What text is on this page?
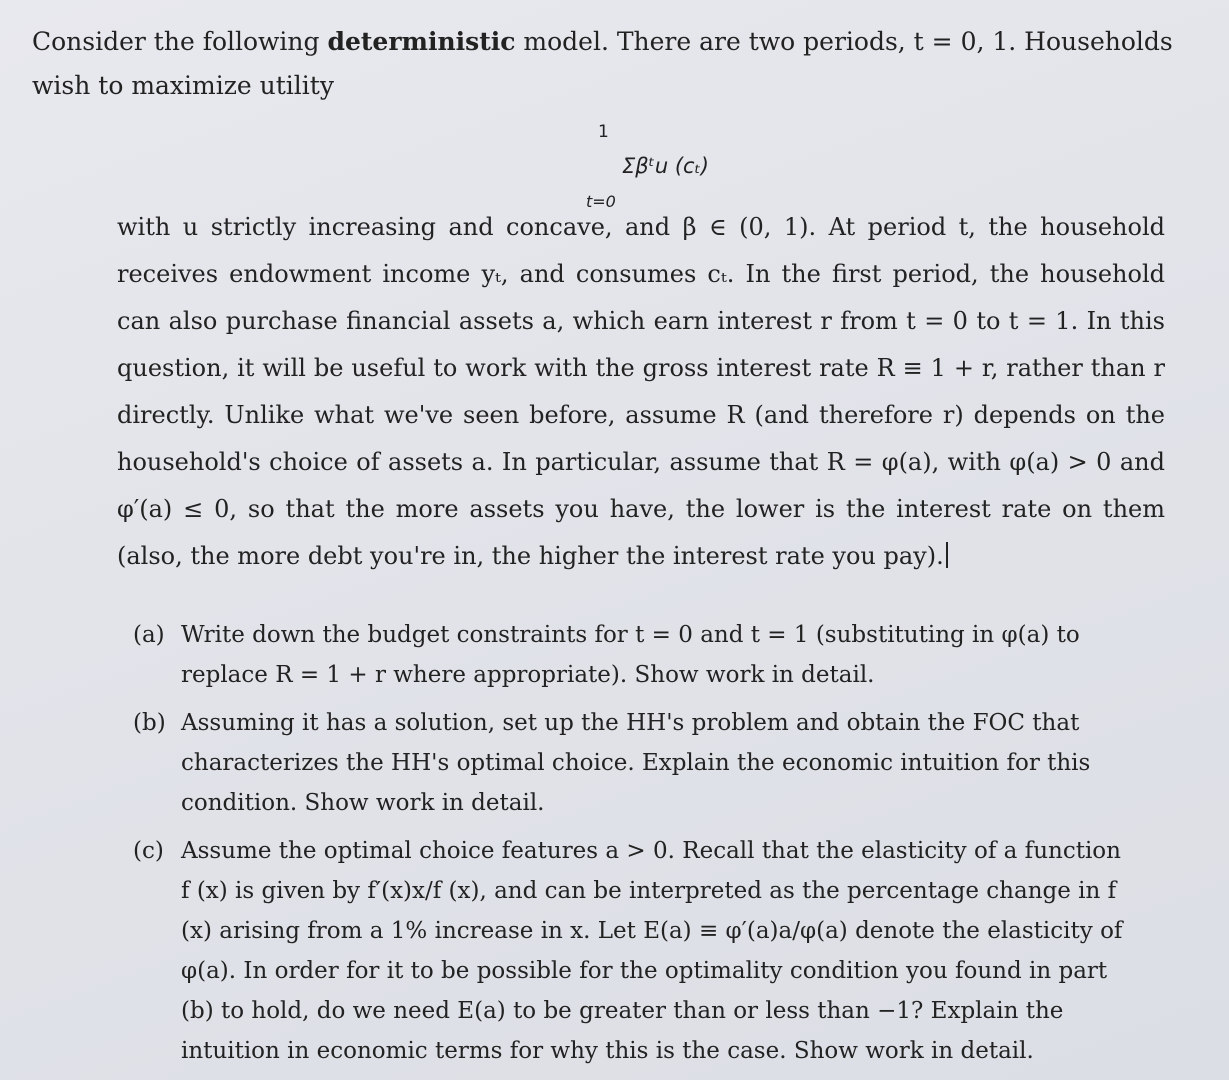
Consider the following deterministic model. There are two periods, t = 0, 1. Households wish to maximize utility
1
Σβᵗu (cₜ)
t=0
with u strictly increasing and concave, and β ∈ (0, 1). At period t, the household receives endowment income yₜ, and consumes cₜ. In the first period, the household can also purchase financial assets a, which earn interest r from t = 0 to t = 1. In this question, it will be useful to work with the gross interest rate R ≡ 1 + r, rather than r directly. Unlike what we've seen before, assume R (and therefore r) depends on the household's choice of assets a. In particular, assume that R = φ(a), with φ(a) > 0 and φ′(a) ≤ 0, so that the more assets you have, the lower is the interest rate on them (also, the more debt you're in, the higher the interest rate you pay).
(a) Write down the budget constraints for t = 0 and t = 1 (substituting in φ(a) to replace R = 1 + r where appropriate). Show work in detail.
(b) Assuming it has a solution, set up the HH's problem and obtain the FOC that characterizes the HH's optimal choice. Explain the economic intuition for this condition. Show work in detail.
(c) Assume the optimal choice features a > 0. Recall that the elasticity of a function f (x) is given by f′(x)x/f (x), and can be interpreted as the percentage change in f (x) arising from a 1% increase in x. Let E(a) ≡ φ′(a)a/φ(a) denote the elasticity of φ(a). In order for it to be possible for the optimality condition you found in part (b) to hold, do we need E(a) to be greater than or less than −1? Explain the intuition in economic terms for why this is the case. Show work in detail.
